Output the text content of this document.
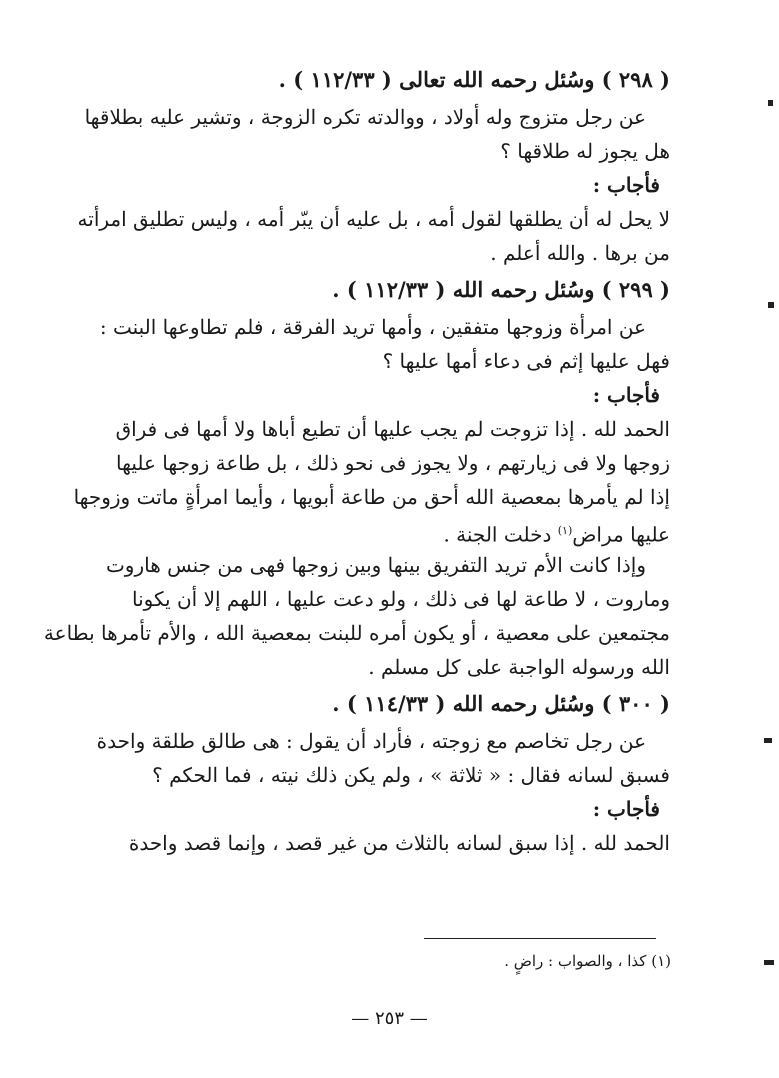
( ٢٩٨ ) وسُئل رحمه الله تعالى ( ١١٢/٣٣ ) .
عن رجل متزوج وله أولاد ، ووالدته تكره الزوجة ، وتشير عليه بطلاقها
هل يجوز له طلاقها ؟
فأجاب :
لا يحل له أن يطلقها لقول أمه ، بل عليه أن يبّر أمه ، وليس تطليق امرأته
من برها . والله أعلم .
( ٢٩٩ ) وسُئل رحمه الله ( ١١٢/٣٣ ) .
عن امرأة وزوجها متفقين ، وأمها تريد الفرقة ، فلم تطاوعها البنت :
فهل عليها إثم فى دعاء أمها عليها ؟
فأجاب :
الحمد لله . إذا تزوجت لم يجب عليها أن تطيع أباها ولا أمها فى فراق
زوجها ولا فى زيارتهم ، ولا يجوز فى نحو ذلك ، بل طاعة زوجها عليها
إذا لم يأمرها بمعصية الله أحق من طاعة أبويها ، وأيما امرأةٍ ماتت وزوجها
عليها مراض$^{(١)}$ دخلت الجنة .
وإذا كانت الأم تريد التفريق بينها وبين زوجها فهى من جنس هاروت
وماروت ، لا طاعة لها فى ذلك ، ولو دعت عليها ، اللهم إلا أن يكونا
مجتمعين على معصية ، أو يكون أمره للبنت بمعصية الله ، والأم تأمرها بطاعة
الله ورسوله الواجبة على كل مسلم .
( ٣٠٠ ) وسُئل رحمه الله ( ١١٤/٣٣ ) .
عن رجل تخاصم مع زوجته ، فأراد أن يقول : هى طالق طلقة واحدة
فسبق لسانه فقال : « ثلاثة » ، ولم يكن ذلك نيته ، فما الحكم ؟
فأجاب :
الحمد لله . إذا سبق لسانه بالثلاث من غير قصد ، وإنما قصد واحدة
(١) كذا ، والصواب : راضٍ .
— ٢٥٣ —
